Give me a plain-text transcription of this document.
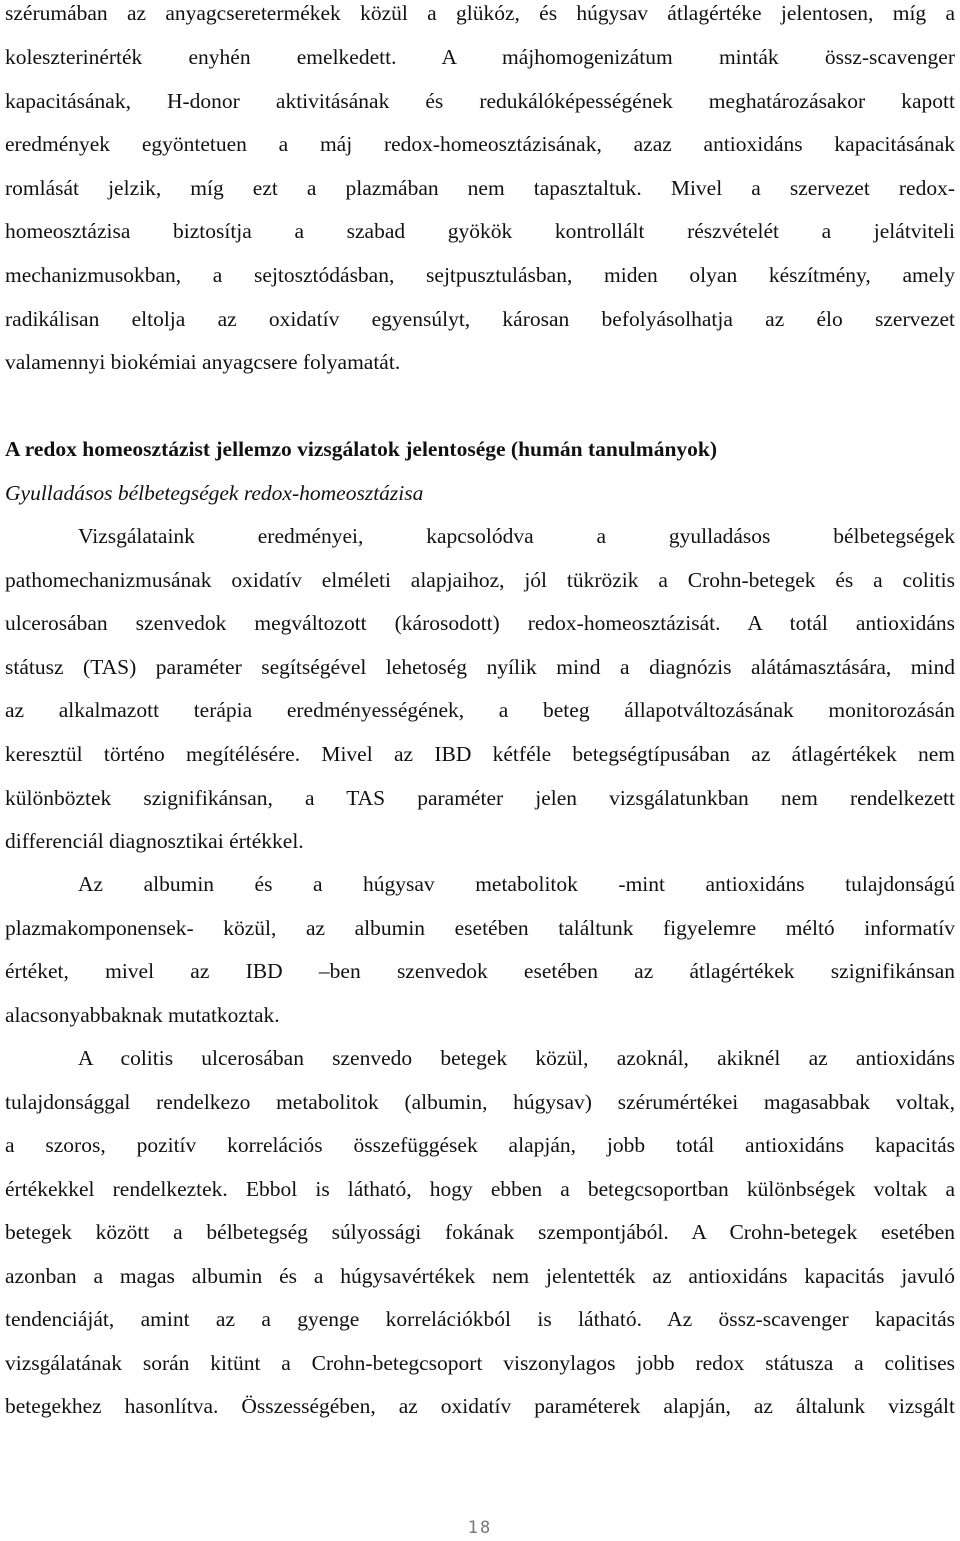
szérumában az anyagcseretermékek közül a glükóz, és húgysav átlagértéke jelentosen, míg a
koleszterinérték enyhén emelkedett. A májhomogenizátum minták össz-scavenger
kapacitásának, H-donor aktivitásának és redukálóképességének meghatározásakor kapott
eredmények egyöntetuen a máj redox-homeosztázisának, azaz antioxidáns kapacitásának
romlását jelzik, míg ezt a plazmában nem tapasztaltuk. Mivel a szervezet redox-
homeosztázisa biztosítja a szabad gyökök kontrollált részvételét a jelátviteli
mechanizmusokban, a sejtosztódásban, sejtpusztulásban, miden olyan készítmény, amely
radikálisan eltolja az oxidatív egyensúlyt, károsan befolyásolhatja az élo szervezet
valamennyi biokémiai anyagcsere folyamatát.
A redox homeosztázist jellemzo vizsgálatok jelentosége (humán tanulmányok)
Gyulladásos bélbetegségek redox-homeosztázisa
Vizsgálataink eredményei, kapcsolódva a gyulladásos bélbetegségek
pathomechanizmusának oxidatív elméleti alapjaihoz, jól tükrözik a Crohn-betegek és a colitis
ulcerosában szenvedok megváltozott (károsodott) redox-homeosztázisát. A totál antioxidáns
státusz (TAS) paraméter segítségével lehetoség nyílik mind a diagnózis alátámasztására, mind
az alkalmazott terápia eredményességének, a beteg állapotváltozásának monitorozásán
keresztül történo megítélésére. Mivel az IBD kétféle betegségtípusában az átlagértékek nem
különböztek szignifikánsan, a TAS paraméter jelen vizsgálatunkban nem rendelkezett
differenciál diagnosztikai értékkel.
Az albumin és a húgysav metabolitok -mint antioxidáns tulajdonságú
plazmakomponensek- közül, az albumin esetében találtunk figyelemre méltó informatív
értéket, mivel az IBD –ben szenvedok esetében az átlagértékek szignifikánsan
alacsonyabbaknak mutatkoztak.
A colitis ulcerosában szenvedo betegek közül, azoknál, akiknél az antioxidáns
tulajdonsággal rendelkezo metabolitok (albumin, húgysav) szérumértékei magasabbak voltak,
a szoros, pozitív korrelációs összefüggések alapján, jobb totál antioxidáns kapacitás
értékekkel rendelkeztek. Ebbol is látható, hogy ebben a betegcsoportban különbségek voltak a
betegek között a bélbetegség súlyossági fokának szempontjából. A Crohn-betegek esetében
azonban a magas albumin és a húgysavértékek nem jelentették az antioxidáns kapacitás javuló
tendenciáját, amint az a gyenge korrelációkból is látható. Az össz-scavenger kapacitás
vizsgálatának során kitünt a Crohn-betegcsoport viszonylagos jobb redox státusza a colitises
betegekhez hasonlítva. Összességében, az oxidatív paraméterek alapján, az általunk vizsgált
18
